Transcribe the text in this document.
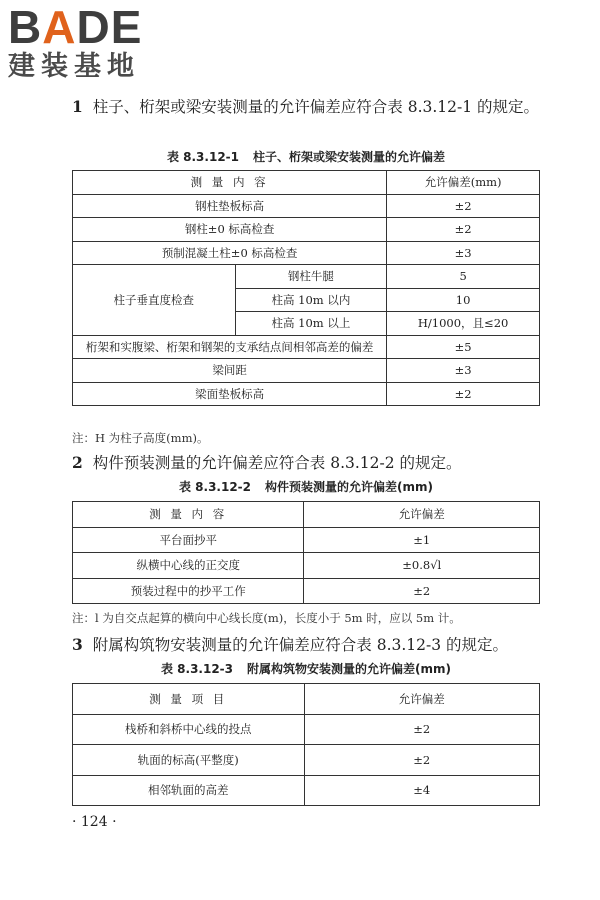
BADE
建装基地
1 柱子、桁架或梁安装测量的允许偏差应符合表 8.3.12-1 的规定。
表 8.3.12-1 柱子、桁架或梁安装测量的允许偏差
测 量 内 容		允许偏差(mm)
钢柱垫板标高		±2
钢柱±0 标高检查		±2
预制混凝土柱±0 标高检查		±3
柱子垂直度检查	钢柱牛腿	5
	柱高 10m 以内	10
	柱高 10m 以上	H/1000，且≤20
桁架和实腹梁、桁架和钢架的支承结点间相邻高差的偏差		±5
梁间距		±3
梁面垫板标高		±2
注：H 为柱子高度(mm)。
2 构件预装测量的允许偏差应符合表 8.3.12-2 的规定。
表 8.3.12-2 构件预装测量的允许偏差(mm)
测 量 内 容	允许偏差
平台面抄平	±1
纵横中心线的正交度	±0.8√l
预装过程中的抄平工作	±2
注：l 为自交点起算的横向中心线长度(m)，长度小于 5m 时，应以 5m 计。
3 附属构筑物安装测量的允许偏差应符合表 8.3.12-3 的规定。
表 8.3.12-3 附属构筑物安装测量的允许偏差(mm)
测 量 项 目	允许偏差
栈桥和斜桥中心线的投点	±2
轨面的标高(平整度)	±2
相邻轨面的高差	±4
· 124 ·
